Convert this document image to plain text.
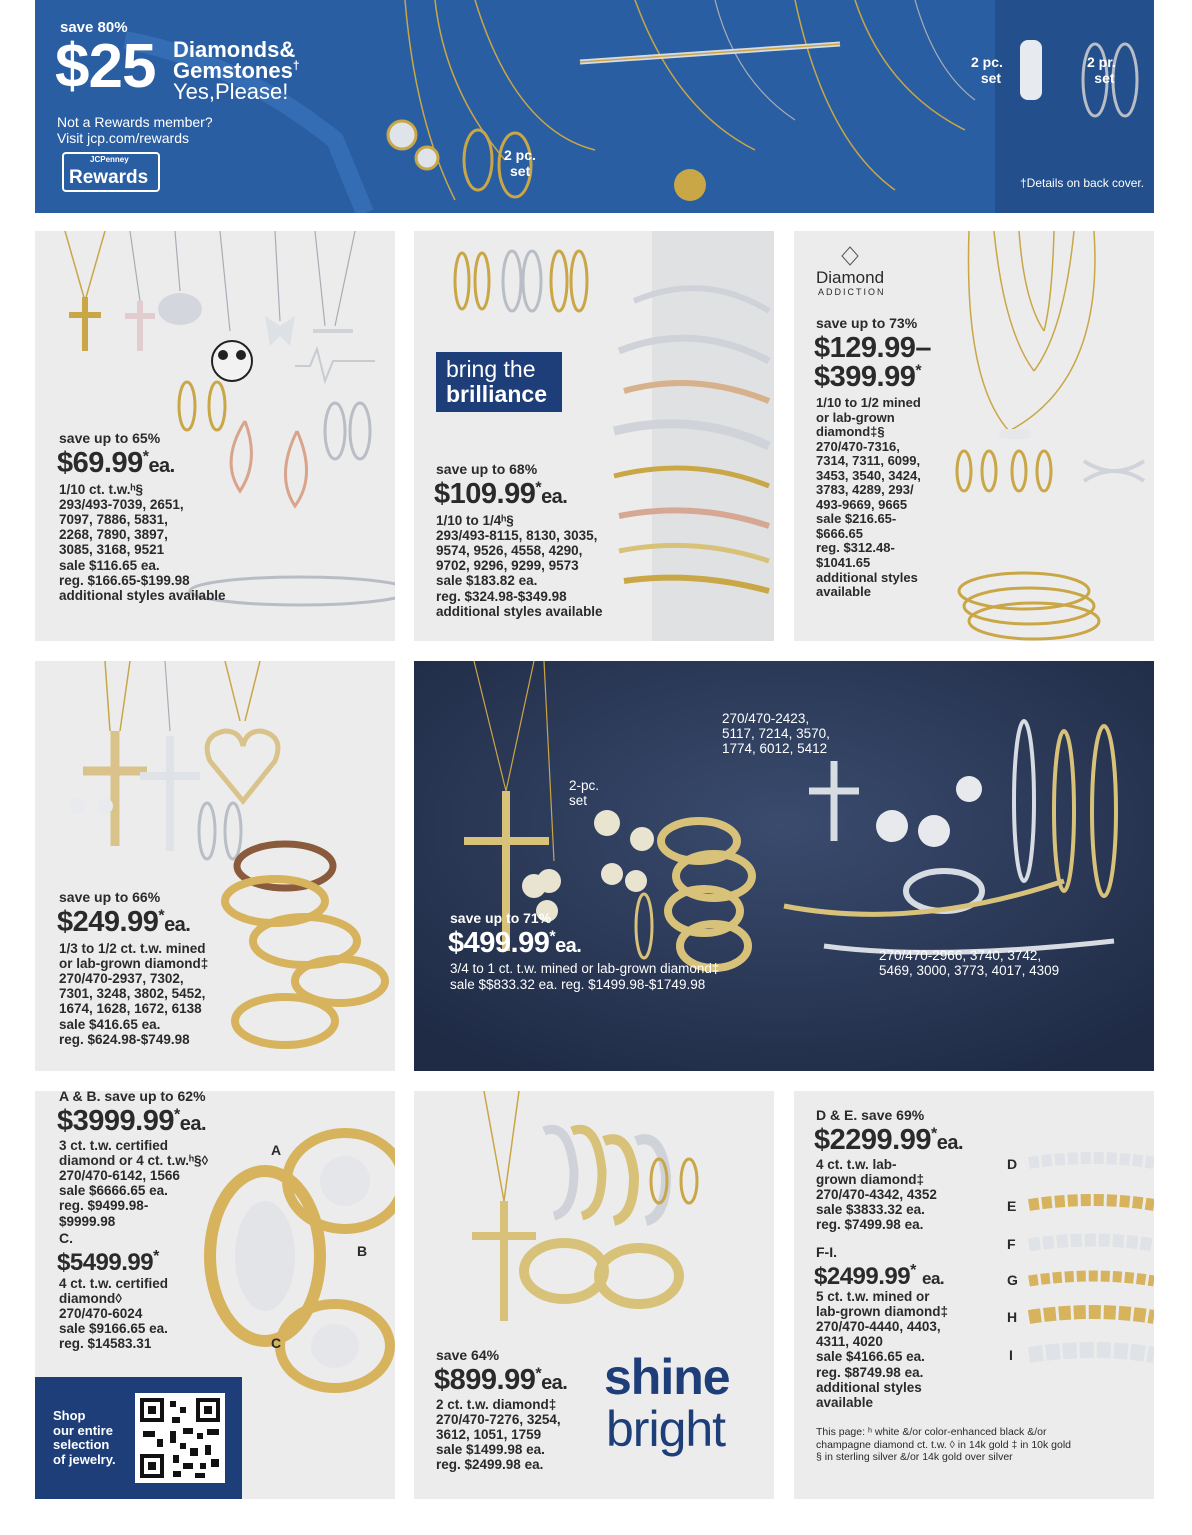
save 80%
$25 Diamonds&
Gemstones†
Yes,Please!
Not a Rewards member?
Visit jcp.com/rewards
JCPenney
Rewards
2 pc.
set
2 pr.
set
2 pc.
set
†Details on back cover.
save up to 65%
$69.99*ea.
1/10 ct. t.w.ʰ§
293/493-7039, 2651,
7097, 7886, 5831,
2268, 7890, 3897,
3085, 3168, 9521
sale $116.65 ea.
reg. $166.65-$199.98
additional styles available
bring the
brilliance
save up to 68%
$109.99*ea.
1/10 to 1/4ʰ§
293/493-8115, 8130, 3035,
9574, 9526, 4558, 4290,
9702, 9296, 9299, 9573
sale $183.82 ea.
reg. $324.98-$349.98
additional styles available
Diamond
ADDICTION
save up to 73%
$129.99–
$399.99*
1/10 to 1/2 mined
or lab-grown
diamond‡§
270/470-7316,
7314, 7311, 6099,
3453, 3540, 3424,
3783, 4289, 293/
493-9669, 9665
sale $216.65-
$666.65
reg. $312.48-
$1041.65
additional styles
available
save up to 66%
$249.99*ea.
1/3 to 1/2 ct. t.w. mined
or lab-grown diamond‡
270/470-2937, 7302,
7301, 3248, 3802, 5452,
1674, 1628, 1672, 6138
sale $416.65 ea.
reg. $624.98-$749.98
270/470-2423,
5117, 7214, 3570,
1774, 6012, 5412
2-pc.
set
save up to 71%
$499.99*ea.
3/4 to 1 ct. t.w. mined or lab-grown diamond‡
sale $$833.32 ea. reg. $1499.98-$1749.98
270/470-2966, 3740, 3742,
5469, 3000, 3773, 4017, 4309
A
B
C
A & B. save up to 62%
$3999.99*ea.
3 ct. t.w. certified
diamond or 4 ct. t.w.ʰ§◊
270/470-6142, 1566
sale $6666.65 ea.
reg. $9499.98-
$9999.98
C.
$5499.99*
4 ct. t.w. certified
diamond◊
270/470-6024
sale $9166.65 ea.
reg. $14583.31
Shop
our entire
selection
of jewelry.
shine
bright
save 64%
$899.99*ea.
2 ct. t.w. diamond‡
270/470-7276, 3254,
3612, 1051, 1759
sale $1499.98 ea.
reg. $2499.98 ea.
D
E
F
G
H
I
D & E. save 69%
$2299.99*ea.
4 ct. t.w. lab-
grown diamond‡
270/470-4342, 4352
sale $3833.32 ea.
reg. $7499.98 ea.
F-I.
$2499.99* ea.
5 ct. t.w. mined or
lab-grown diamond‡
270/470-4440, 4403,
4311, 4020
sale $4166.65 ea.
reg. $8749.98 ea.
additional styles
available
This page: ʰ white &/or color-enhanced black &/or
champagne diamond ct. t.w. ◊ in 14k gold ‡ in 10k gold
§ in sterling silver &/or 14k gold over silver
